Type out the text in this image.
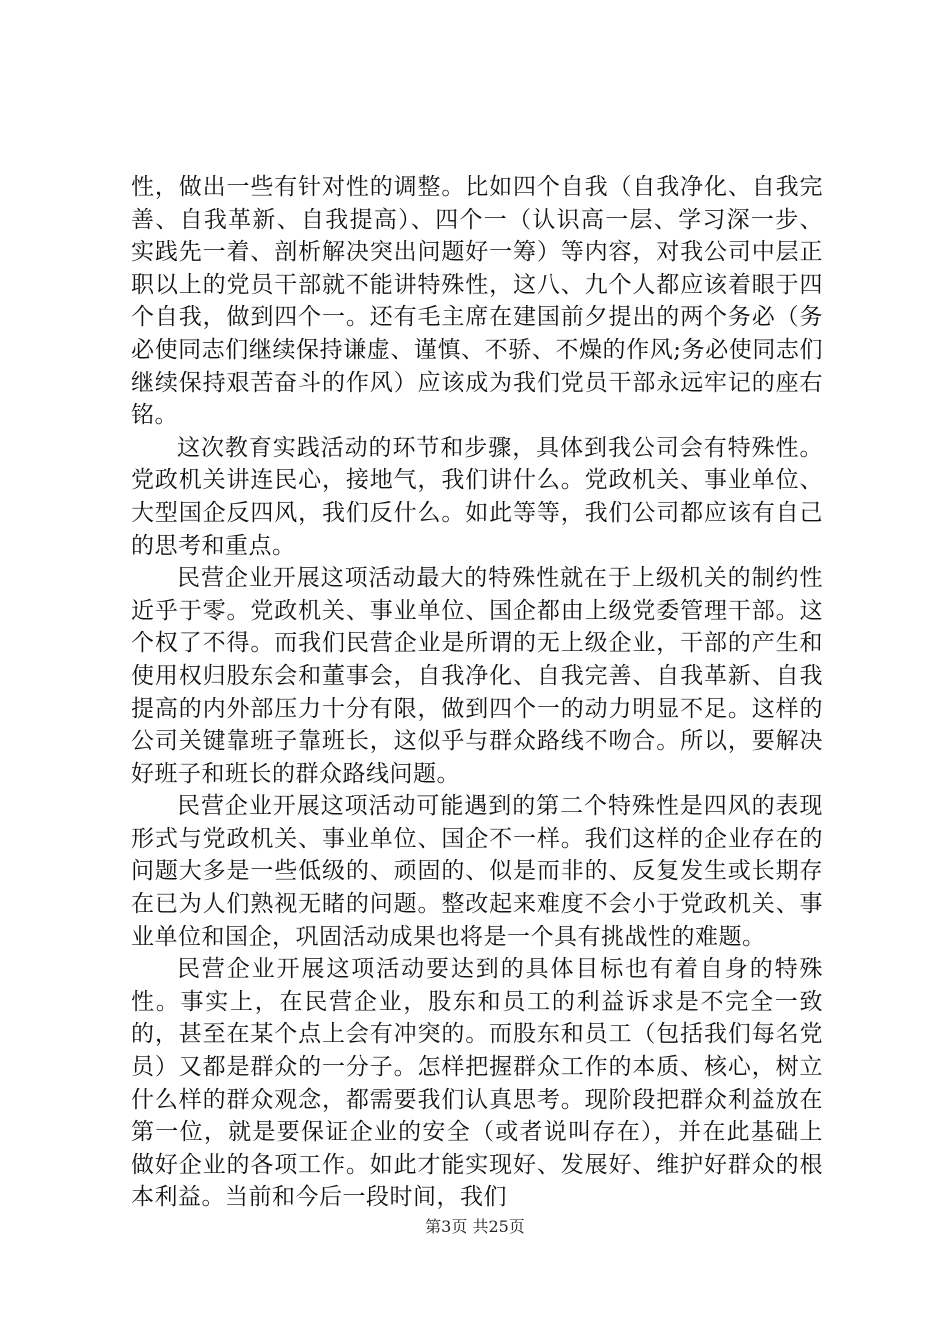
性，做出一些有针对性的调整。比如四个自我（自我净化、自我完善、自我革新、自我提高）、四个一（认识高一层、学习深一步、实践先一着、剖析解决突出问题好一筹）等内容，对我公司中层正职以上的党员干部就不能讲特殊性，这八、九个人都应该着眼于四个自我，做到四个一。还有毛主席在建国前夕提出的两个务必（务必使同志们继续保持谦虚、谨慎、不骄、不燥的作风;务必使同志们继续保持艰苦奋斗的作风）应该成为我们党员干部永远牢记的座右铭。

这次教育实践活动的环节和步骤，具体到我公司会有特殊性。党政机关讲连民心，接地气，我们讲什么。党政机关、事业单位、大型国企反四风，我们反什么。如此等等，我们公司都应该有自己的思考和重点。

民营企业开展这项活动最大的特殊性就在于上级机关的制约性近乎于零。党政机关、事业单位、国企都由上级党委管理干部。这个权了不得。而我们民营企业是所谓的无上级企业，干部的产生和使用权归股东会和董事会，自我净化、自我完善、自我革新、自我提高的内外部压力十分有限，做到四个一的动力明显不足。这样的公司关键靠班子靠班长，这似乎与群众路线不吻合。所以，要解决好班子和班长的群众路线问题。

民营企业开展这项活动可能遇到的第二个特殊性是四风的表现形式与党政机关、事业单位、国企不一样。我们这样的企业存在的问题大多是一些低级的、顽固的、似是而非的、反复发生或长期存在已为人们熟视无睹的问题。整改起来难度不会小于党政机关、事业单位和国企，巩固活动成果也将是一个具有挑战性的难题。

民营企业开展这项活动要达到的具体目标也有着自身的特殊性。事实上，在民营企业，股东和员工的利益诉求是不完全一致的，甚至在某个点上会有冲突的。而股东和员工（包括我们每名党员）又都是群众的一分子。怎样把握群众工作的本质、核心，树立什么样的群众观念，都需要我们认真思考。现阶段把群众利益放在第一位，就是要保证企业的安全（或者说叫存在），并在此基础上做好企业的各项工作。如此才能实现好、发展好、维护好群众的根本利益。当前和今后一段时间，我们

第3页 共25页
